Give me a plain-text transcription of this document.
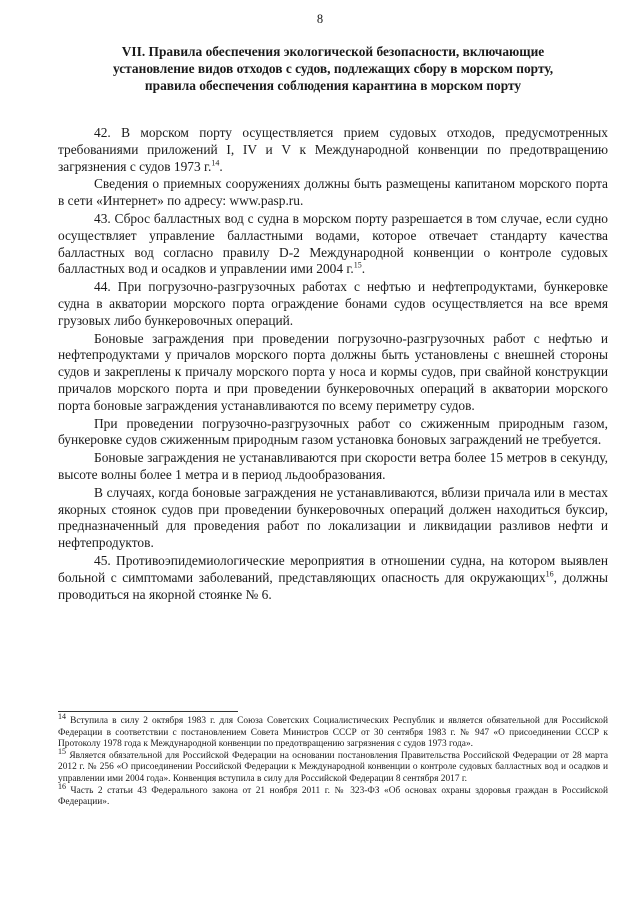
8
VII. Правила обеспечения экологической безопасности, включающие
установление видов отходов с судов, подлежащих сбору в морском порту,
правила обеспечения соблюдения карантина в морском порту

42. В морском порту осуществляется прием судовых отходов, предусмотренных требованиями приложений I, IV и V к Международной конвенции по предотвращению загрязнения с судов 1973 г.$^{14}$.

Сведения о приемных сооружениях должны быть размещены капитаном морского порта в сети «Интернет» по адресу: www.pasp.ru.

43. Сброс балластных вод с судна в морском порту разрешается в том случае, если судно осуществляет управление балластными водами, которое отвечает стандарту качества балластных вод согласно правилу D-2 Международной конвенции о контроле судовых балластных вод и осадков и управлении ими 2004 г.$^{15}$.

44. При погрузочно-разгрузочных работах с нефтью и нефтепродуктами, бункеровке судна в акватории морского порта ограждение бонами судов осуществляется на все время грузовых либо бункеровочных операций.

Боновые заграждения при проведении погрузочно-разгрузочных работ с нефтью и нефтепродуктами у причалов морского порта должны быть установлены с внешней стороны судов и закреплены к причалу морского порта у носа и кормы судов, при свайной конструкции причалов морского порта и при проведении бункеровочных операций в акватории морского порта боновые заграждения устанавливаются по всему периметру судов.

При проведении погрузочно-разгрузочных работ со сжиженным природным газом, бункеровке судов сжиженным природным газом установка боновых заграждений не требуется.

Боновые заграждения не устанавливаются при скорости ветра более 15 метров в секунду, высоте волны более 1 метра и в период льдообразования.

В случаях, когда боновые заграждения не устанавливаются, вблизи причала или в местах якорных стоянок судов при проведении бункеровочных операций должен находиться буксир, предназначенный для проведения работ по локализации и ликвидации разливов нефти и нефтепродуктов.

45. Противоэпидемиологические мероприятия в отношении судна, на котором выявлен больной с симптомами заболеваний, представляющих опасность для окружающих$^{16}$, должны проводиться на якорной стоянке № 6.

$^{14}$ Вступила в силу 2 октября 1983 г. для Союза Советских Социалистических Республик и является обязательной для Российской Федерации в соответствии с постановлением Совета Министров СССР от 30 сентября 1983 г. № 947 «О присоединении СССР к Протоколу 1978 года к Международной конвенции по предотвращению загрязнения с судов 1973 года».

$^{15}$ Является обязательной для Российской Федерации на основании постановления Правительства Российской Федерации от 28 марта 2012 г. № 256 «О присоединении Российской Федерации к Международной конвенции о контроле судовых балластных вод и осадков и управлении ими 2004 года». Конвенция вступила в силу для Российской Федерации 8 сентября 2017 г.

$^{16}$ Часть 2 статьи 43 Федерального закона от 21 ноября 2011 г. № 323-ФЗ «Об основах охраны здоровья граждан в Российской Федерации».
